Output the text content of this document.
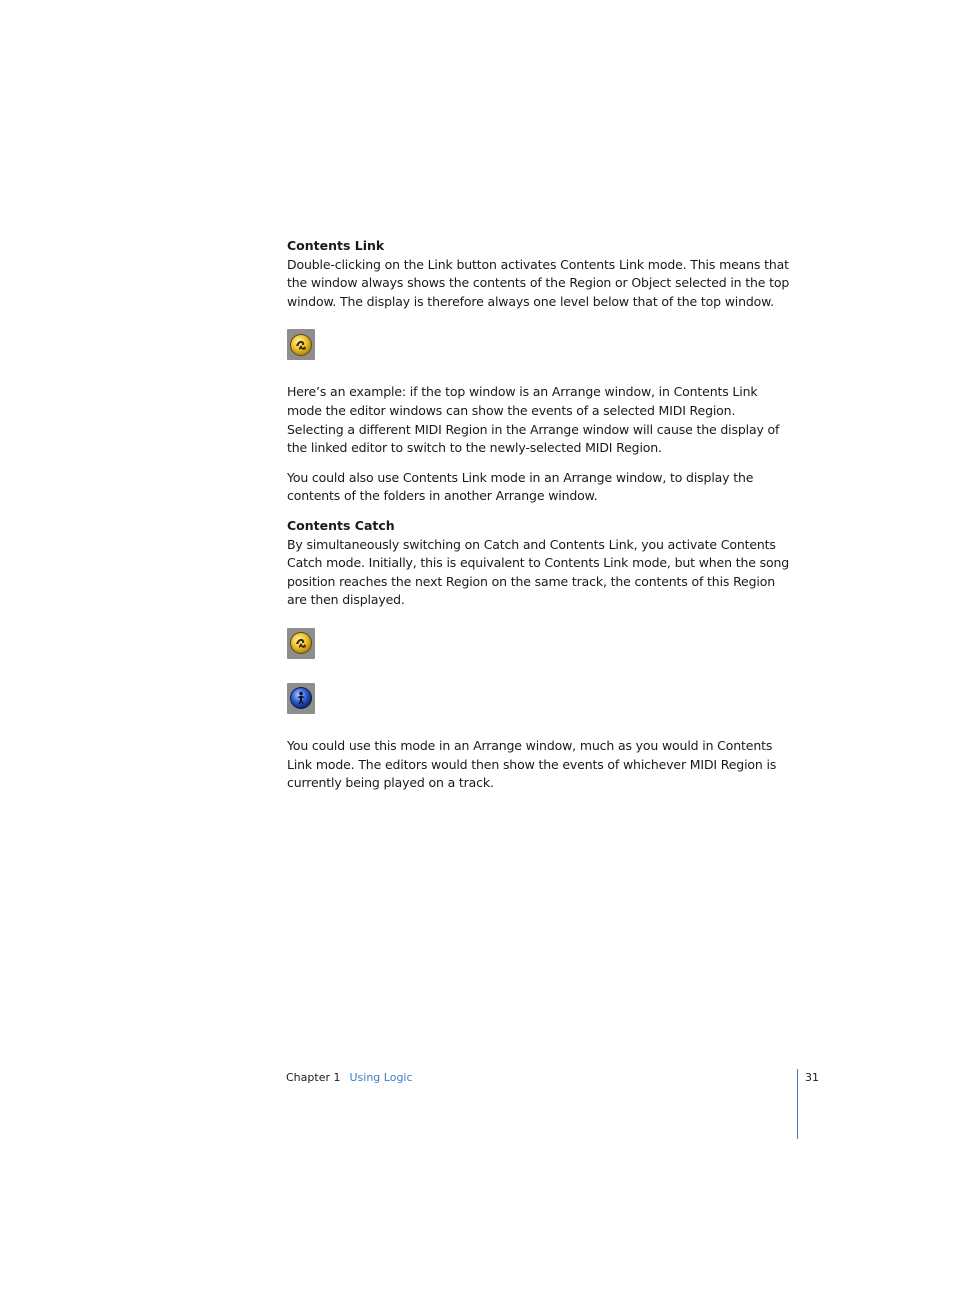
Contents Link

Double-clicking on the Link button activates Contents Link mode. This means that the window always shows the contents of the Region or Object selected in the top window. The display is therefore always one level below that of the top window.

Here’s an example: if the top window is an Arrange window, in Contents Link mode the editor windows can show the events of a selected MIDI Region. Selecting a different MIDI Region in the Arrange window will cause the display of the linked editor to switch to the newly-selected MIDI Region.

You could also use Contents Link mode in an Arrange window, to display the contents of the folders in another Arrange window.

Contents Catch

By simultaneously switching on Catch and Contents Link, you activate Contents Catch mode. Initially, this is equivalent to Contents Link mode, but when the song position reaches the next Region on the same track, the contents of this Region are then displayed.

You could use this mode in an Arrange window, much as you would in Contents Link mode. The editors would then show the events of whichever MIDI Region is currently being played on a track.

Chapter 1 Using Logic	31
